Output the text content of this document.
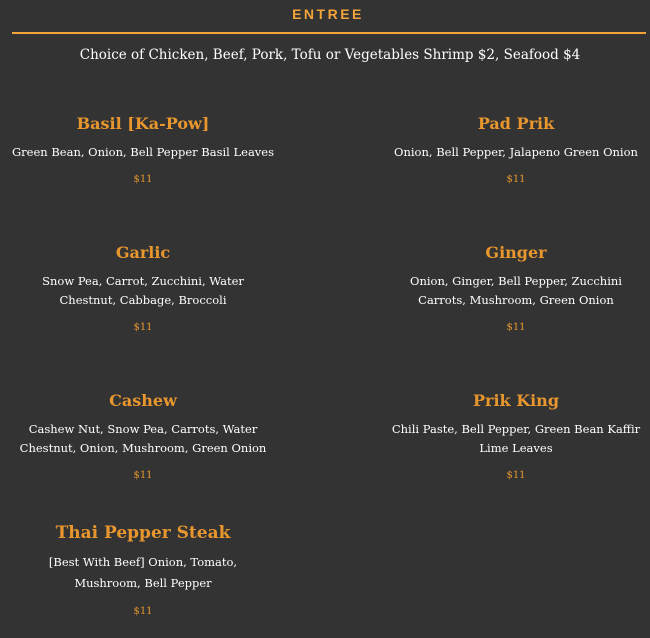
ENTREE
Choice of Chicken, Beef, Pork, Tofu or Vegetables Shrimp $2, Seafood $4

Basil [Ka-Pow]

Green Bean, Onion, Bell Pepper Basil Leaves

$11

Pad Prik

Onion, Bell Pepper, Jalapeno Green Onion

$11

Garlic

Snow Pea, Carrot, Zucchini, Water Chestnut, Cabbage, Broccoli

$11

Ginger

Onion, Ginger, Bell Pepper, Zucchini Carrots, Mushroom, Green Onion

$11

Cashew

Cashew Nut, Snow Pea, Carrots, Water Chestnut, Onion, Mushroom, Green Onion

$11

Prik King

Chili Paste, Bell Pepper, Green Bean Kaffir Lime Leaves

$11

Thai Pepper Steak

[Best With Beef] Onion, Tomato, Mushroom, Bell Pepper

$11
